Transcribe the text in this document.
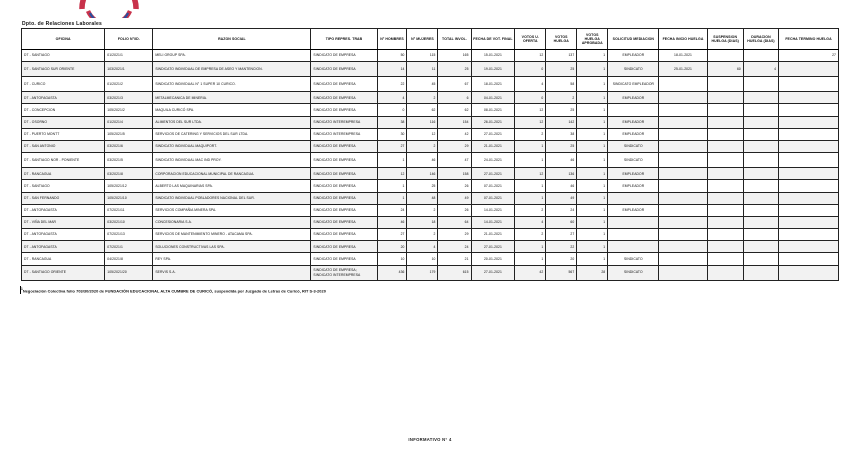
Dpto. de Relaciones Laborales
OFICINA	FOLIO N°/ID.	RAZON SOCIAL	TIPO REPRES. TRAB	N° HOMBRES	N° MUJERES	TOTAL INVOL.	FECHA DE VOT. FINAL	VOTOS U. OFERTA	VOTOS HUELGA	VOTOS HUELGA APROBADA	SOLICITUD MEDIACION	FECHA INICIO HUELGA	SUSPENSION HUELGA (DIAS)	DURACION HUELGA (DIAS)	FECHA TERMINO HUELGA
DT - SANTIAGO	01/2021/1	MELI GROUP SPA.	SINDICATO DE EMPRESA	50	115	165	15-01-2021	12	137	1	EMPLEADOR	18-01-2021			27
DT - SANTIAGO SUR ORIENTE	103/2021/1	SINDICATO INDIVIDUAL DE EMPRESA DE ASEO Y MANTENCION.	SINDICATO DE EMPRESA	14	11	25	19-01-2021	0	25	1	SINDICATO	25-01-2021	60	4	
DT - CURICO	01/2021/2	SINDICATO INDIVIDUAL N° 1 SUPER 10 CURICO.	SINDICATO DE EMPRESA	22	45	67	18-01-2021	4	58	1	SINDICATO EMPLEADOR				
DT - ANTOFAGASTA	03/2021/3	METALMECANICA DE MINERIA.	SINDICATO DE EMPRESA	4	2	6	04-01-2021	0	2	1	EMPLEADOR				
DT - CONCEPCION	105/2021/2	MAQUILA CURICÓ SPA.	SINDICATO DE EMPRESA	0	62	62	08-01-2021	12	25	1					
DT - OSORNO	01/2021/4	ALIMENTOS DEL SUR LTDA.	SINDICATO INTEREMPRESA	38	116	154	26-01-2021	12	142	1	EMPLEADOR				
DT - PUERTO MONTT	105/2021/5	SERVICIOS DE CATERING Y SERVICIOS DEL SUR LTDA.	SINDICATO INTEREMPRESA	30	12	42	27-01-2021	2	38	1	EMPLEADOR				
DT - SAN ANTONIO	03/2021/6	SINDICATO INDIVIDUAL MAQUIPORT.	SINDICATO DE EMPRESA	27	2	29	21-01-2021	1	25	1	SINDICATO				
DT - SANTIAGO NOR - PONIENTE	03/2021/5	SINDICATO INDIVIDUAL MAC IND PROY.	SINDICATO DE EMPRESA	1	46	47	24-01-2021	1	46	1	SINDICATO				
DT - RANCAGUA	03/2021/8	CORPORACION EDUCACIONAL MUNICIPAL DE RANCAGUA.	SINDICATO DE EMPRESA	12	146	158	27-01-2021	12	136	1	EMPLEADOR				
DT - SANTIAGO	105/2021/12	ALBERTO LAS MAQUINARIAS SPA.	SINDICATO DE EMPRESA	1	25	26	07-01-2021	1	46	1	EMPLEADOR				
DT - SAN FERNANDO	105/2021/10	SINDICATO INDIVIDUAL POBLADORES NACIONAL DEL SUR.	SINDICATO DE EMPRESA	1	48	49	07-01-2021	1	49	1					
DT - ANTOFAGASTA	07/2021/11	SERVICIOS COMPAÑIA MINERA SPA.	SINDICATO DE EMPRESA	24	2	26	14-01-2021	2	24	1	EMPLEADOR				
DT - VIÑA DEL MAR	03/2021/10	CONCESIONARIA S.A.	SINDICATO DE EMPRESA	46	18	64	14-01-2021	4	60	1					
DT - ANTOFAGASTA	07/2021/13	SERVICIOS DE MANTENIMIENTO MINERO - ATACAMA SPA.	SINDICATO DE EMPRESA	27	2	29	21-01-2021	2	27	1					
DT - ANTOFAGASTA	07/2021/1	SOLUCIONES CONSTRUCTIVAS LAS SPA.	SINDICATO DE EMPRESA	20	4	24	27-01-2021	1	22	1					
DT - RANCAGUA	04/2021/8	REY SPA.	SINDICATO DE EMPRESA	10	10	21	20-01-2021	1	20	1	SINDICATO				
DT - SANTIAGO ORIENTE	105/2021/20	SERVIS S.A.	SINDICATO DE EMPRESA; SINDICATO INTEREMPRESA	436	179	615	27-01-2021	42	567	28	SINDICATO				
$^1$Negociación Colectiva folio 703/30/2020 de FUNDACIÓN EDUCACIONAL ALTA CUMBRE DE CURICÓ, suspendida por Juzgado de Letras de Curicó, RIT S-3-2020
INFORMATIVO N° 4
